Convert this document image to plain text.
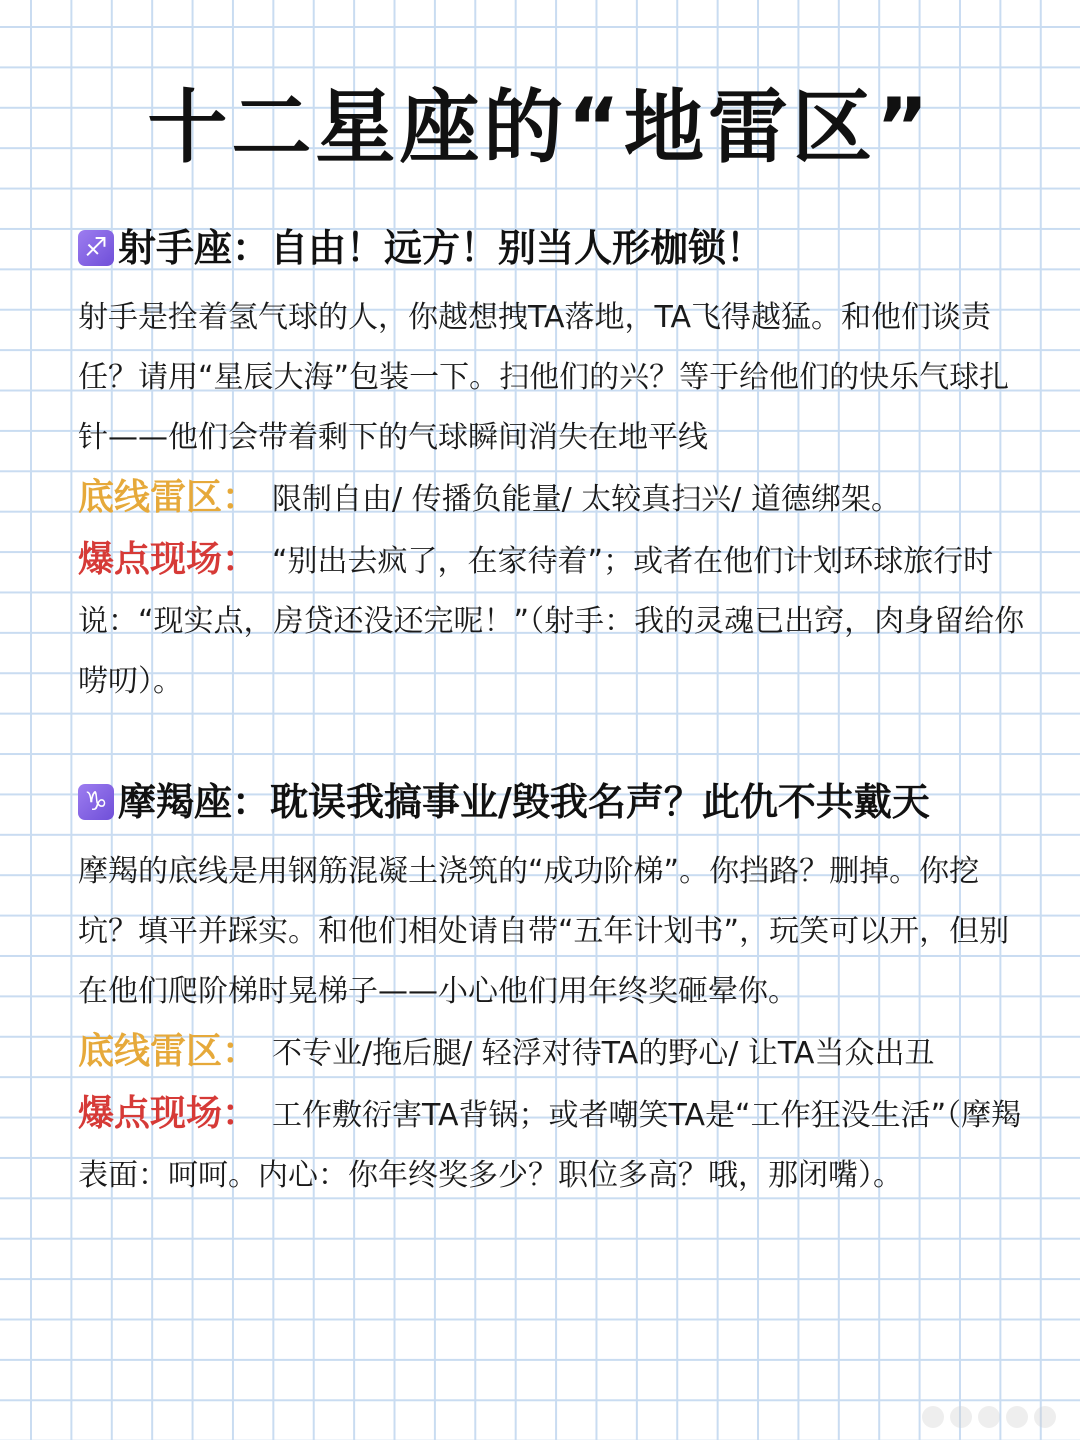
十二星座的“地雷区”
♐ 射手座：自由！远方！别当人形枷锁！
射手是拴着氢气球的人，你越想拽TA落地，TA飞得越猛。和他们谈责任？请用“星辰大海”包装一下。扫他们的兴？等于给他们的快乐气球扎针——他们会带着剩下的气球瞬间消失在地平线
底线雷区： 限制自由/ 传播负能量/ 太较真扫兴/ 道德绑架。
爆点现场： “别出去疯了，在家待着”；或者在他们计划环球旅行时说：“现实点，房贷还没还完呢！”（射手：我的灵魂已出窍，肉身留给你唠叨）。
♑ 摩羯座：耽误我搞事业/毁我名声？此仇不共戴天
摩羯的底线是用钢筋混凝土浇筑的“成功阶梯”。你挡路？删掉。你挖坑？填平并踩实。和他们相处请自带“五年计划书”，玩笑可以开，但别在他们爬阶梯时晃梯子——小心他们用年终奖砸晕你。
底线雷区： 不专业/拖后腿/ 轻浮对待TA的野心/ 让TA当众出丑
爆点现场： 工作敷衍害TA背锅；或者嘲笑TA是“工作狂没生活”（摩羯表面：呵呵。内心：你年终奖多少？职位多高？哦，那闭嘴）。
